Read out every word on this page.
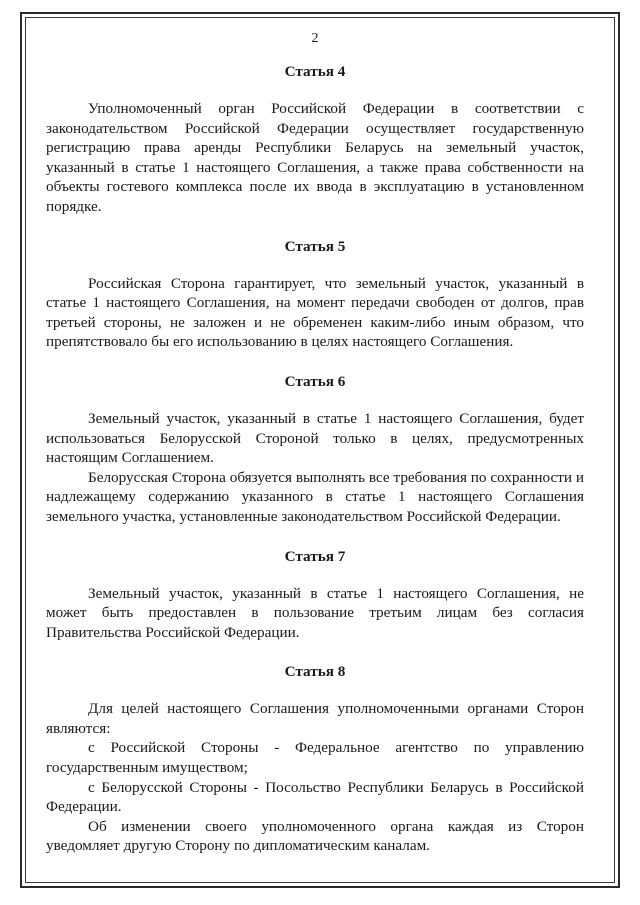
2
Статья 4

Уполномоченный орган Российской Федерации в соответствии с законодательством Российской Федерации осуществляет государственную регистрацию права аренды Республики Беларусь на земельный участок, указанный в статье 1 настоящего Соглашения, а также права собственности на объекты гостевого комплекса после их ввода в эксплуатацию в установленном порядке.

Статья 5

Российская Сторона гарантирует, что земельный участок, указанный в статье 1 настоящего Соглашения, на момент передачи свободен от долгов, прав третьей стороны, не заложен и не обременен каким-либо иным образом, что препятствовало бы его использованию в целях настоящего Соглашения.

Статья 6

Земельный участок, указанный в статье 1 настоящего Соглашения, будет использоваться Белорусской Стороной только в целях, предусмотренных настоящим Соглашением.

Белорусская Сторона обязуется выполнять все требования по сохранности и надлежащему содержанию указанного в статье 1 настоящего Соглашения земельного участка, установленные законодательством Российской Федерации.

Статья 7

Земельный участок, указанный в статье 1 настоящего Соглашения, не может быть предоставлен в пользование третьим лицам без согласия Правительства Российской Федерации.

Статья 8

Для целей настоящего Соглашения уполномоченными органами Сторон являются:

с Российской Стороны - Федеральное агентство по управлению государственным имуществом;

с Белорусской Стороны - Посольство Республики Беларусь в Российской Федерации.

Об изменении своего уполномоченного органа каждая из Сторон уведомляет другую Сторону по дипломатическим каналам.
